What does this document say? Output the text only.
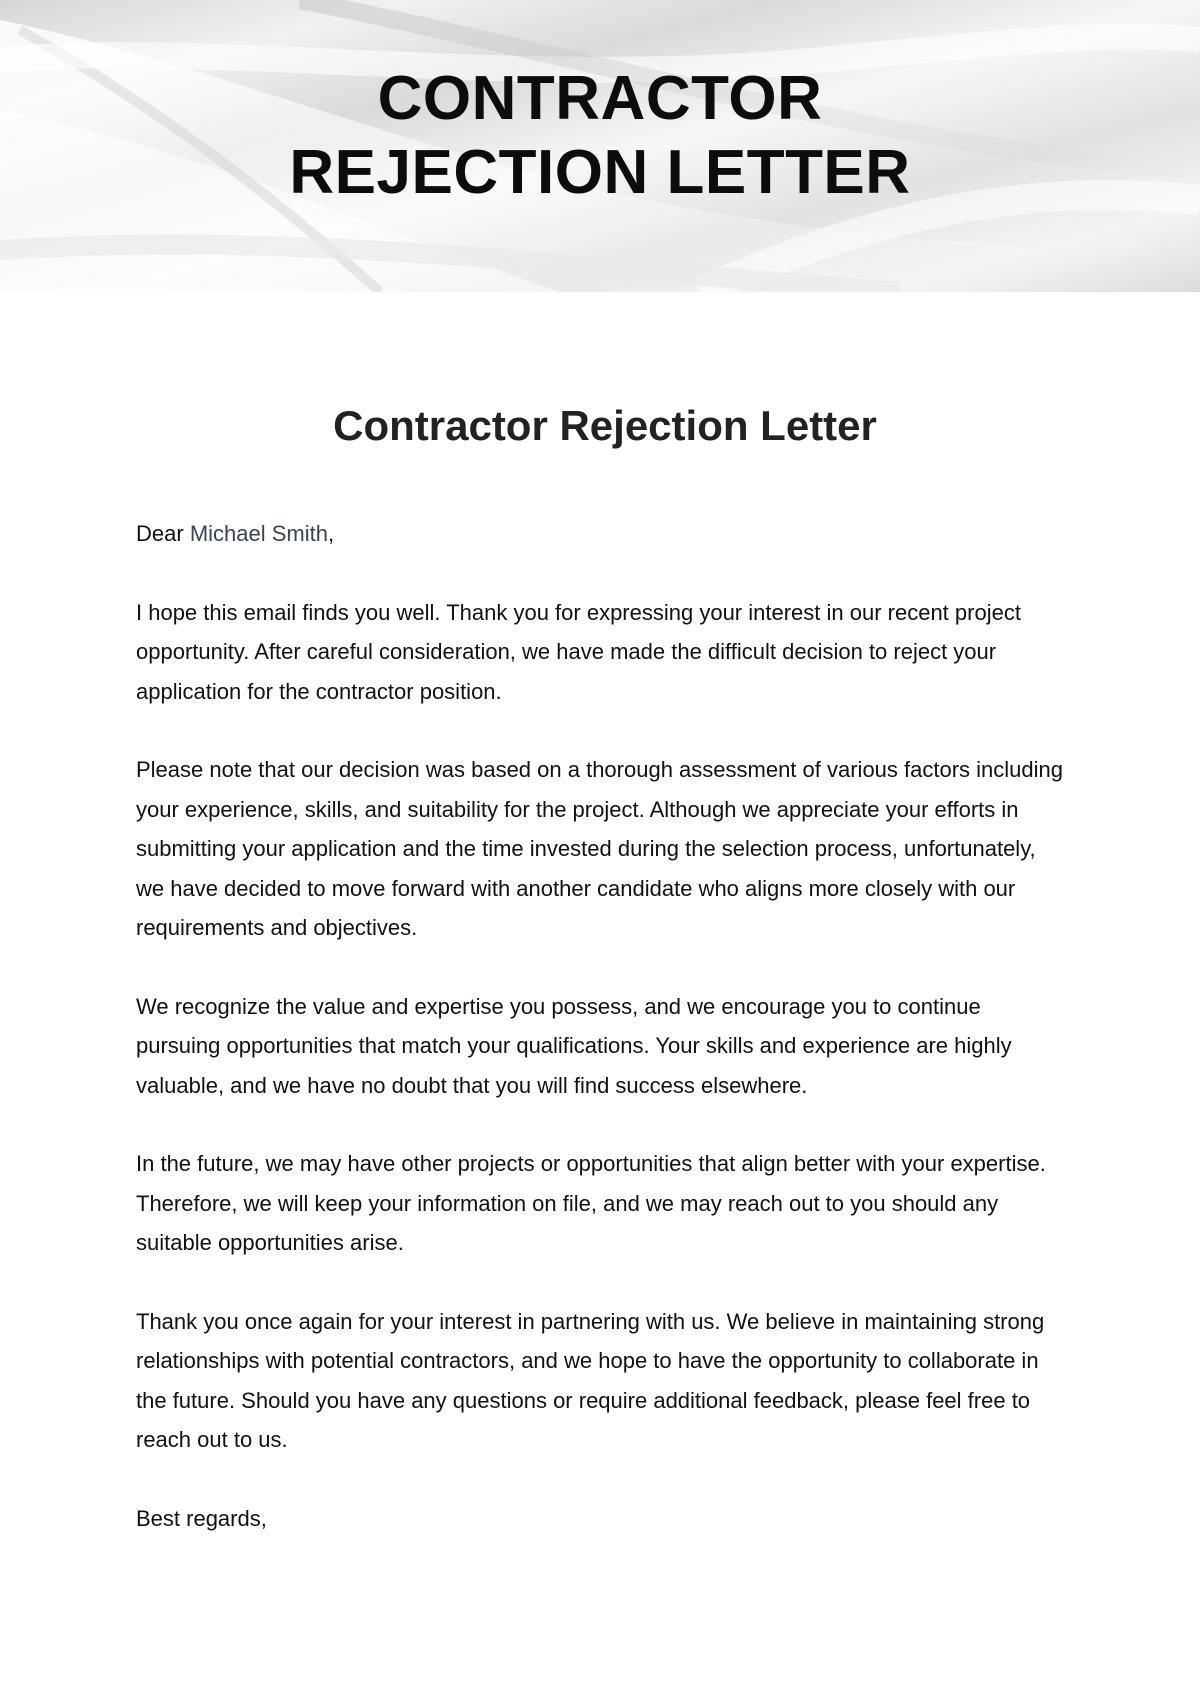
CONTRACTOR
REJECTION LETTER
Contractor Rejection Letter

Dear Michael Smith,

I hope this email finds you well. Thank you for expressing your interest in our recent project opportunity. After careful consideration, we have made the difficult decision to reject your application for the contractor position.

Please note that our decision was based on a thorough assessment of various factors including your experience, skills, and suitability for the project. Although we appreciate your efforts in submitting your application and the time invested during the selection process, unfortunately, we have decided to move forward with another candidate who aligns more closely with our requirements and objectives.

We recognize the value and expertise you possess, and we encourage you to continue pursuing opportunities that match your qualifications. Your skills and experience are highly valuable, and we have no doubt that you will find success elsewhere.

In the future, we may have other projects or opportunities that align better with your expertise. Therefore, we will keep your information on file, and we may reach out to you should any suitable opportunities arise.

Thank you once again for your interest in partnering with us. We believe in maintaining strong relationships with potential contractors, and we hope to have the opportunity to collaborate in the future. Should you have any questions or require additional feedback, please feel free to reach out to us.

Best regards,
